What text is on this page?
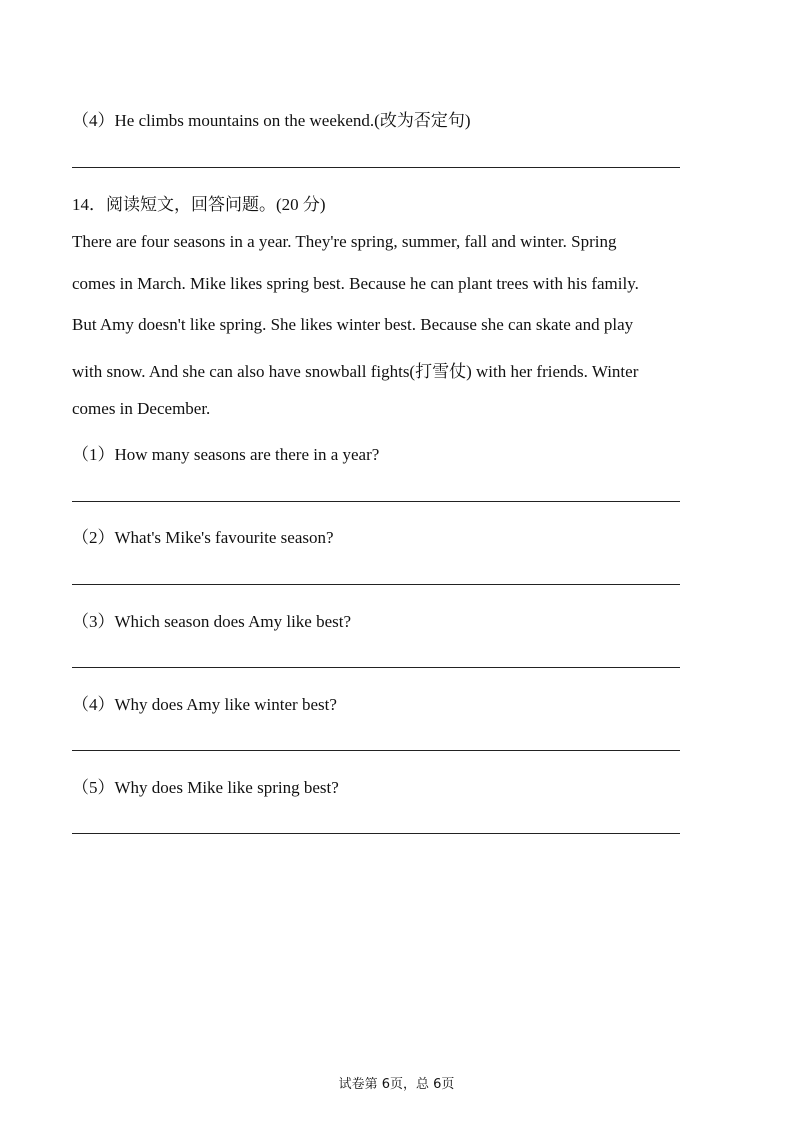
（4）He climbs mountains on the weekend.(改为否定句)
14．阅读短文，回答问题。(20 分)
There are four seasons in a year. They're spring, summer, fall and winter. Spring
comes in March. Mike likes spring best. Because he can plant trees with his family.
But Amy doesn't like spring. She likes winter best. Because she can skate and play
with snow. And she can also have snowball fights(打雪仗) with her friends. Winter
comes in December.
（1）How many seasons are there in a year?
（2）What's Mike's favourite season?
（3）Which season does Amy like best?
（4）Why does Amy like winter best?
（5）Why does Mike like spring best?
试卷第 6页，总 6页
